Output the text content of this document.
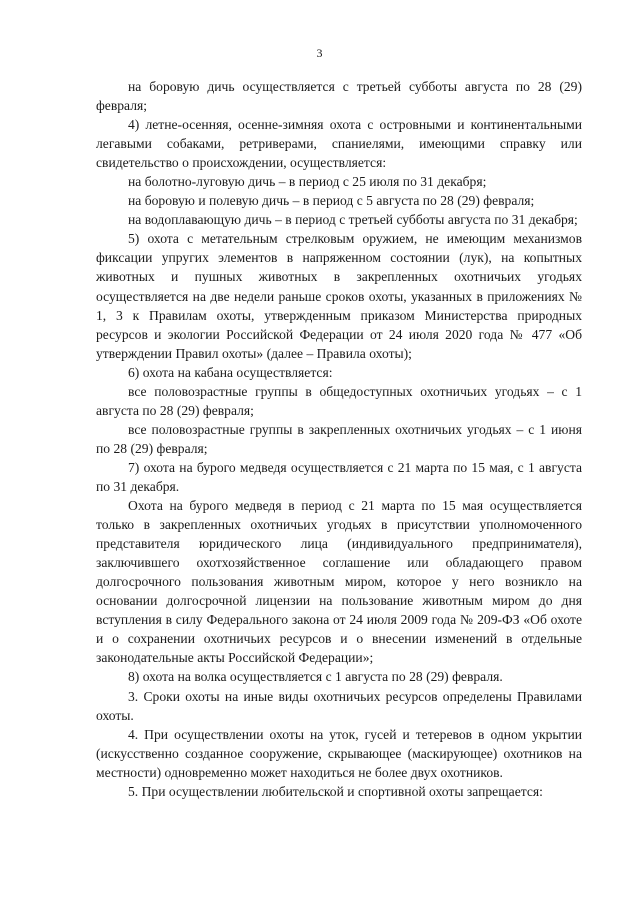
3

на боровую дичь осуществляется с третьей субботы августа по 28 (29) февраля;

4) летне-осенняя, осенне-зимняя охота с островными и континентальными легавыми собаками, ретриверами, спаниелями, имеющими справку или свидетельство о происхождении, осуществляется:

на болотно-луговую дичь – в период с 25 июля по 31 декабря;

на боровую и полевую дичь – в период с 5 августа по 28 (29) февраля;

на водоплавающую дичь – в период с третьей субботы августа по 31 декабря;

5) охота с метательным стрелковым оружием, не имеющим механизмов фиксации упругих элементов в напряженном состоянии (лук), на копытных животных и пушных животных в закрепленных охотничьих угодьях осуществляется на две недели раньше сроков охоты, указанных в приложениях № 1, 3 к Правилам охоты, утвержденным приказом Министерства природных ресурсов и экологии Российской Федерации от 24 июля 2020 года № 477 «Об утверждении Правил охоты» (далее – Правила охоты);

6) охота на кабана осуществляется:

все половозрастные группы в общедоступных охотничьих угодьях – с 1 августа по 28 (29) февраля;

все половозрастные группы в закрепленных охотничьих угодьях – с 1 июня по 28 (29) февраля;

7) охота на бурого медведя осуществляется с 21 марта по 15 мая, с 1 августа по 31 декабря.

Охота на бурого медведя в период с 21 марта по 15 мая осуществляется только в закрепленных охотничьих угодьях в присутствии уполномоченного представителя юридического лица (индивидуального предпринимателя), заключившего охотхозяйственное соглашение или обладающего правом долгосрочного пользования животным миром, которое у него возникло на основании долгосрочной лицензии на пользование животным миром до дня вступления в силу Федерального закона от 24 июля 2009 года № 209-ФЗ «Об охоте и о сохранении охотничьих ресурсов и о внесении изменений в отдельные законодательные акты Российской Федерации»;

8) охота на волка осуществляется с 1 августа по 28 (29) февраля.

3. Сроки охоты на иные виды охотничьих ресурсов определены Правилами охоты.

4. При осуществлении охоты на уток, гусей и тетеревов в одном укрытии (искусственно созданное сооружение, скрывающее (маскирующее) охотников на местности) одновременно может находиться не более двух охотников.

5. При осуществлении любительской и спортивной охоты запрещается:
